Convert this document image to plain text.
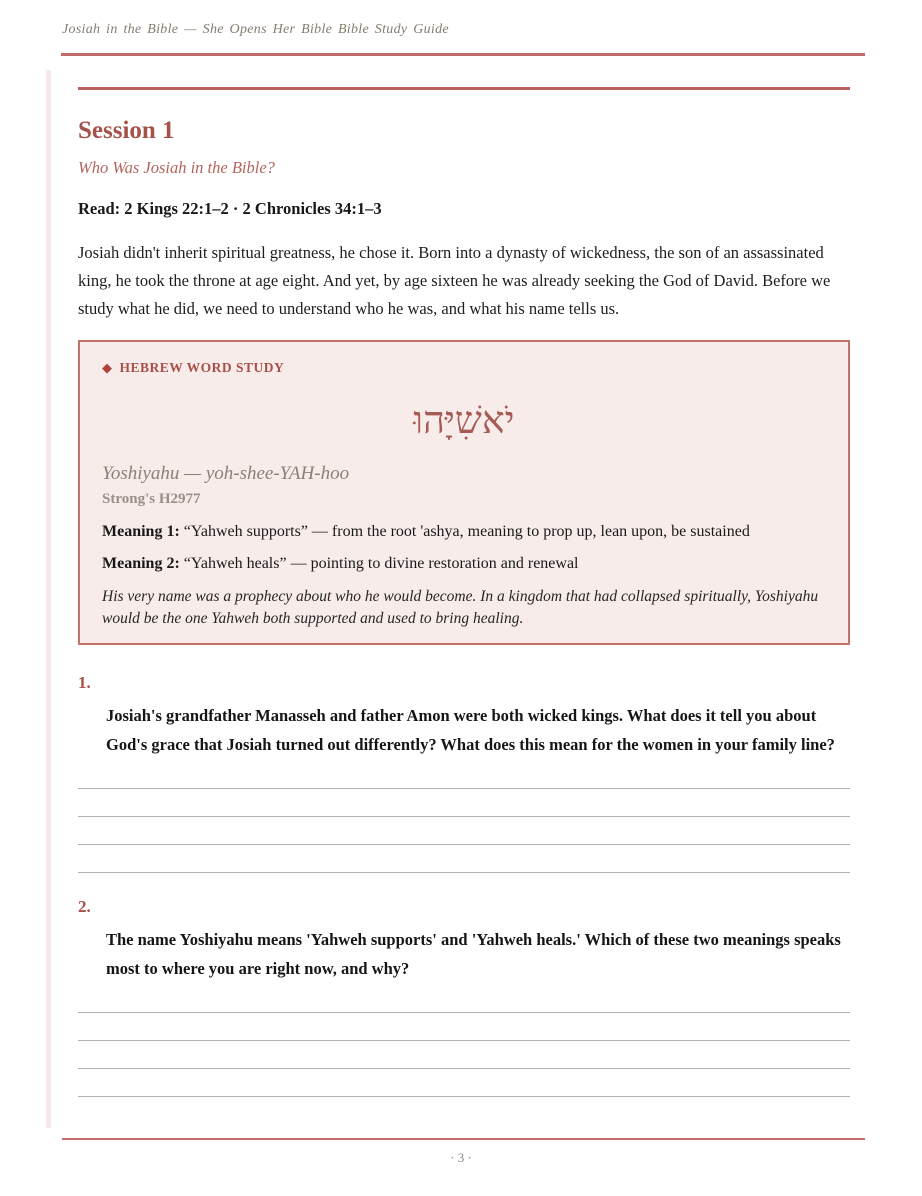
Josiah in the Bible — She Opens Her Bible Bible Study Guide
Session 1
Who Was Josiah in the Bible?
Read: 2 Kings 22:1–2 · 2 Chronicles 34:1–3
Josiah didn't inherit spiritual greatness, he chose it. Born into a dynasty of wickedness, the son of an assassinated king, he took the throne at age eight. And yet, by age sixteen he was already seeking the God of David. Before we study what he did, we need to understand who he was, and what his name tells us.
◆ HEBREW WORD STUDY
יֹאשִׁיָּהוּ
Yoshiyahu — yoh-shee-YAH-hoo
Strong's H2977
Meaning 1: “Yahweh supports” — from the root 'ashya, meaning to prop up, lean upon, be sustained
Meaning 2: “Yahweh heals” — pointing to divine restoration and renewal
His very name was a prophecy about who he would become. In a kingdom that had collapsed spiritually, Yoshiyahu would be the one Yahweh both supported and used to bring healing.
1.
Josiah's grandfather Manasseh and father Amon were both wicked kings. What does it tell you about God's grace that Josiah turned out differently? What does this mean for the women in your family line?
2.
The name Yoshiyahu means 'Yahweh supports' and 'Yahweh heals.' Which of these two meanings speaks most to where you are right now, and why?
· 3 ·
